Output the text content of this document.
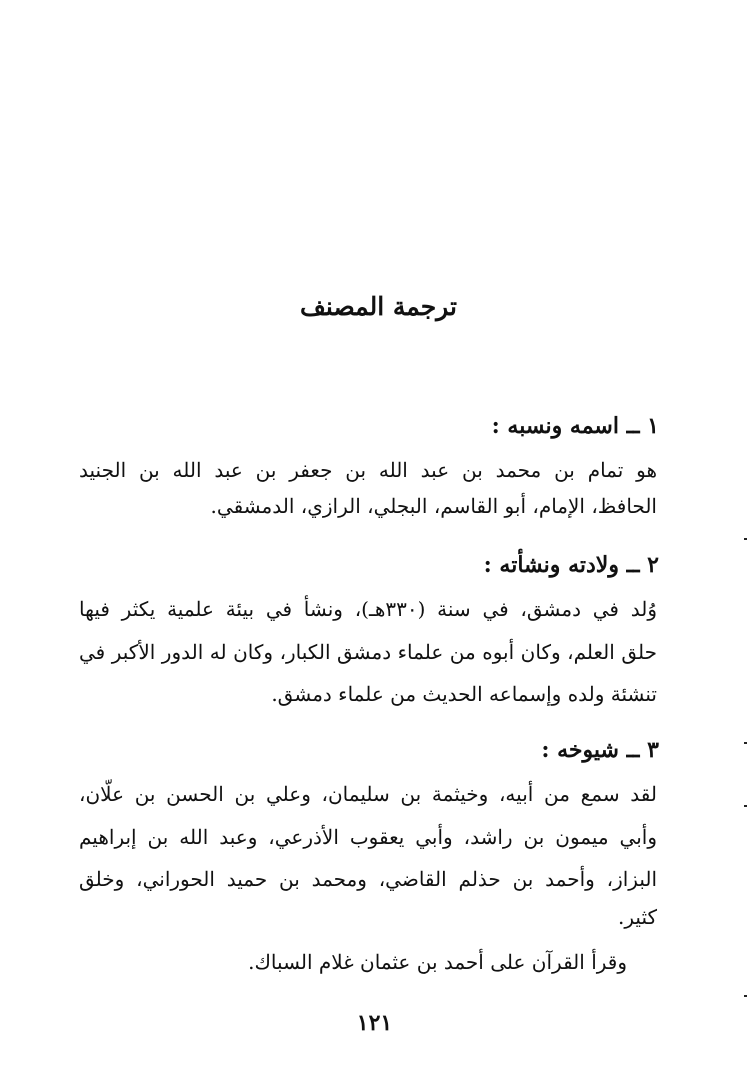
ترجمة المصنف
١ ــ اسمه ونسبه :
هو تمام بن محمد بن عبد الله بن جعفر بن عبد الله بن الجنيد
الحافظ، الإمام، أبو القاسم، البجلي، الرازي، الدمشقي.
٢ ــ ولادته ونشأته :
وُلد في دمشق، في سنة (٣٣٠هـ)، ونشأ في بيئة علمية يكثر فيها
حلق العلم، وكان أبوه من علماء دمشق الكبار، وكان له الدور الأكبر في
تنشئة ولده وإسماعه الحديث من علماء دمشق.
٣ ــ شيوخه :
لقد سمع من أبيه، وخيثمة بن سليمان، وعلي بن الحسن بن علّان،
وأبي ميمون بن راشد، وأبي يعقوب الأذرعي، وعبد الله بن إبراهيم
البزاز، وأحمد بن حذلم القاضي، ومحمد بن حميد الحوراني، وخلق
كثير.
وقرأ القرآن على أحمد بن عثمان غلام السباك.
١٢١
